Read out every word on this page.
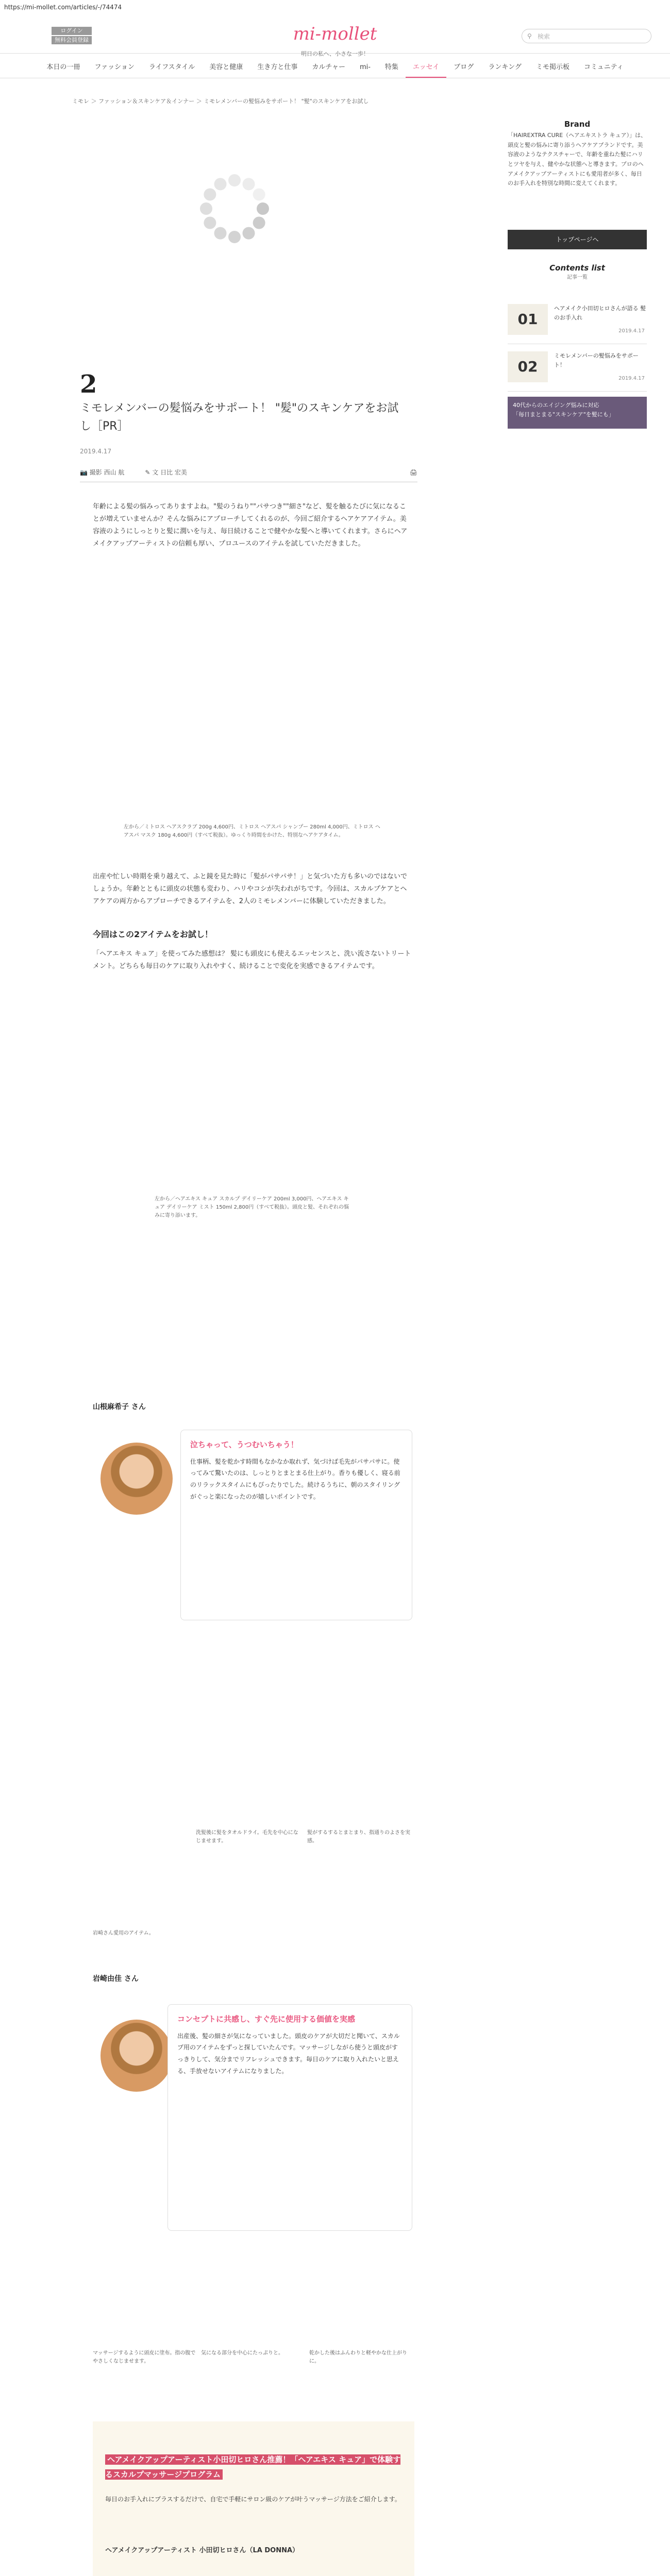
https://mi-mollet.com/articles/-/74474
ログイン
無料会員登録	mi-mollet
明日の私へ、小さな一歩！
⚲ 検索
本日の一冊	ファッション	ライフスタイル	美容と健康	生き方と仕事	カルチャー	mi-	特集	エッセイ	ブログ	ランキング	ミモ掲示板	コミュニティ
ミモレ ＞ ファッション＆スキンケア＆インナー ＞ ミモレメンバーの髪悩みをサポート！ "髪"のスキンケアをお試し
2
ミモレメンバーの髪悩みをサポート！ "髪"のスキンケアをお試し［PR］
2019.4.17
📷 撮影 西山 航	✎ 文 日比 宏美	🖨

年齢による髪の悩みってありますよね。"髪のうねり""パサつき""細さ"など、髪を触るたびに気になることが増えていませんか？そんな悩みにアプローチしてくれるのが、今回ご紹介するヘアケアアイテム。美容液のようにしっとりと髪に潤いを与え、毎日続けることで健やかな髪へと導いてくれます。さらにヘアメイクアップアーティストの信頼も厚い、プロユースのアイテムを試していただきました。

左から／ミトロス ヘアスクラブ 200g 4,600円、ミトロス ヘアスパ シャンプー 280ml 4,000円、ミトロス ヘアスパ マスク 180g 4,600円（すべて税抜）。ゆっくり時間をかけた、特別なヘアケアタイム。

出産や忙しい時期を乗り越えて、ふと鏡を見た時に「髪がパサパサ！」と気づいた方も多いのではないでしょうか。年齢とともに頭皮の状態も変わり、ハリやコシが失われがちです。今回は、スカルプケアとヘアケアの両方からアプローチできるアイテムを、2人のミモレメンバーに体験していただきました。

今回はこの2アイテムをお試し！

「ヘアエキス キュア」を使ってみた感想は？ 髪にも頭皮にも使えるエッセンスと、洗い流さないトリートメント。どちらも毎日のケアに取り入れやすく、続けることで変化を実感できるアイテムです。

左から／ヘアエキス キュア スカルプ デイリーケア 200ml 3,000円、ヘアエキス キュア デイリーケア ミスト 150ml 2,800円（すべて税抜）。頭皮と髪、それぞれの悩みに寄り添います。

山根麻希子 さん
泣ちゃって、うつむいちゃう！

仕事柄、髪を乾かす時間もなかなか取れず、気づけば毛先がパサパサに。使ってみて驚いたのは、しっとりとまとまる仕上がり。香りも優しく、寝る前のリラックスタイムにもぴったりでした。続けるうちに、朝のスタイリングがぐっと楽になったのが嬉しいポイントです。

洗髪後に髪をタオルドライ。毛先を中心になじませます。

髪がするするとまとまり、指通りのよさを実感。

岩崎さん愛用のアイテム。

岩崎由佳 さん
コンセプトに共感し、すぐ先に使用する価値を実感

出産後、髪の細さが気になっていました。頭皮のケアが大切だと聞いて、スカルプ用のアイテムをずっと探していたんです。マッサージしながら使うと頭皮がすっきりして、気分までリフレッシュできます。毎日のケアに取り入れたいと思える、手放せないアイテムになりました。

マッサージするように頭皮に塗布。指の腹でやさしくなじませます。

気になる部分を中心にたっぷりと。	乾かした後はふんわりと軽やかな仕上がりに。

ヘアメイクアップアーティスト小田切ヒロさん推薦！「ヘアエキス キュア」で体験するスカルプマッサージプログラム

毎日のお手入れにプラスするだけで、自宅で手軽にサロン級のケアが叶うマッサージ方法をご紹介します。

ヘアメイクアップアーティスト 小田切ヒロさん（LA DONNA）

Brand

「HAIREXTRA CURE（ヘアエキストラ キュア）」は、頭皮と髪の悩みに寄り添うヘアケアブランドです。美容液のようなテクスチャーで、年齢を重ねた髪にハリとツヤを与え、健やかな状態へと導きます。プロのヘアメイクアップアーティストにも愛用者が多く、毎日のお手入れを特別な時間に変えてくれます。

トップページへ
Contents list
記事一覧
01
ヘアメイク小田切ヒロさんが語る 髪のお手入れ
2019.4.17
02
ミモレメンバーの髪悩みをサポート！
2019.4.17
40代からのエイジング悩みに対応
「毎日まとまる"スキンケア"を髪にも」
